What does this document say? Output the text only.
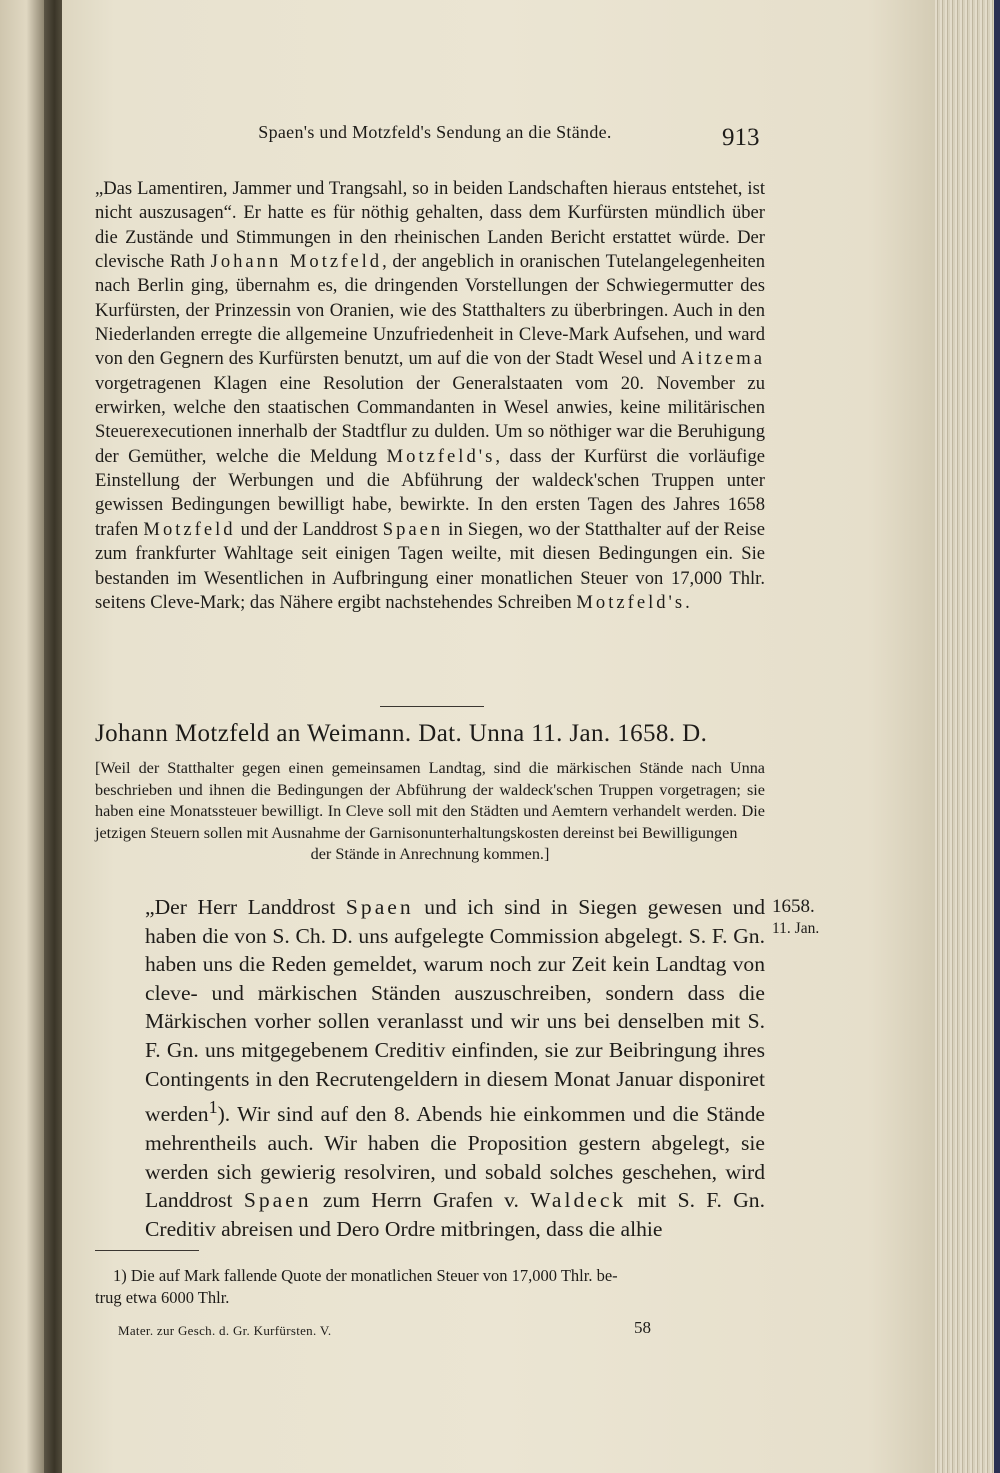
Spaen's und Motzfeld's Sendung an die Stände.	913

„Das Lamentiren, Jammer und Trangsahl, so in beiden Landschaften hieraus entstehet, ist nicht auszusagen“. Er hatte es für nöthig gehalten, dass dem Kurfürsten mündlich über die Zustände und Stimmungen in den rheinischen Landen Bericht erstattet würde. Der clevische Rath Johann Motzfeld, der angeblich in oranischen Tutelangelegenheiten nach Berlin ging, übernahm es, die dringenden Vorstellungen der Schwiegermutter des Kurfürsten, der Prinzessin von Oranien, wie des Statthalters zu überbringen. Auch in den Niederlanden erregte die allgemeine Unzufriedenheit in Cleve-Mark Aufsehen, und ward von den Gegnern des Kurfürsten benutzt, um auf die von der Stadt Wesel und Aitzema vorgetragenen Klagen eine Resolution der Generalstaaten vom 20. November zu erwirken, welche den staatischen Commandanten in Wesel anwies, keine militärischen Steuerexecutionen innerhalb der Stadtflur zu dulden. Um so nöthiger war die Beruhigung der Gemüther, welche die Meldung Motzfeld's, dass der Kurfürst die vorläufige Einstellung der Werbungen und die Abführung der waldeck'schen Truppen unter gewissen Bedingungen bewilligt habe, bewirkte. In den ersten Tagen des Jahres 1658 trafen Motzfeld und der Landdrost Spaen in Siegen, wo der Statthalter auf der Reise zum frankfurter Wahltage seit einigen Tagen weilte, mit diesen Bedingungen ein. Sie bestanden im Wesentlichen in Aufbringung einer monatlichen Steuer von 17,000 Thlr. seitens Cleve-Mark; das Nähere ergibt nachstehendes Schreiben Motzfeld's.

Johann Motzfeld an Weimann. Dat. Unna 11. Jan. 1658. D.
[Weil der Statthalter gegen einen gemeinsamen Landtag, sind die märkischen Stände nach Unna beschrieben und ihnen die Bedingungen der Abführung der waldeck'schen Truppen vorgetragen; sie haben eine Monatssteuer bewilligt. In Cleve soll mit den Städten und Aemtern verhandelt werden. Die jetzigen Steuern sollen mit Ausnahme der Garnisonunterhaltungskosten dereinst bei Bewilligungen
der Stände in Anrechnung kommen.]
„Der Herr Landdrost Spaen und ich sind in Siegen gewesen und haben die von S. Ch. D. uns aufgelegte Commission abgelegt. S. F. Gn. haben uns die Reden gemeldet, warum noch zur Zeit kein Landtag von cleve- und märkischen Ständen auszuschreiben, sondern dass die Märkischen vorher sollen veranlasst und wir uns bei denselben mit S. F. Gn. uns mitgegebenem Creditiv einfinden, sie zur Beibringung ihres Contingents in den Recrutengeldern in diesem Monat Januar disponiret werden$^1$). Wir sind auf den 8. Abends hie einkommen und die Stände mehrentheils auch. Wir haben die Proposition gestern abgelegt, sie werden sich gewierig resolviren, und sobald solches geschehen, wird Landdrost Spaen zum Herrn Grafen v. Waldeck mit S. F. Gn. Creditiv abreisen und Dero Ordre mitbringen, dass die alhie
1658.
11. Jan.
1) Die auf Mark fallende Quote der monatlichen Steuer von 17,000 Thlr. be-
trug etwa 6000 Thlr.
Mater. zur Gesch. d. Gr. Kurfürsten. V.	58
